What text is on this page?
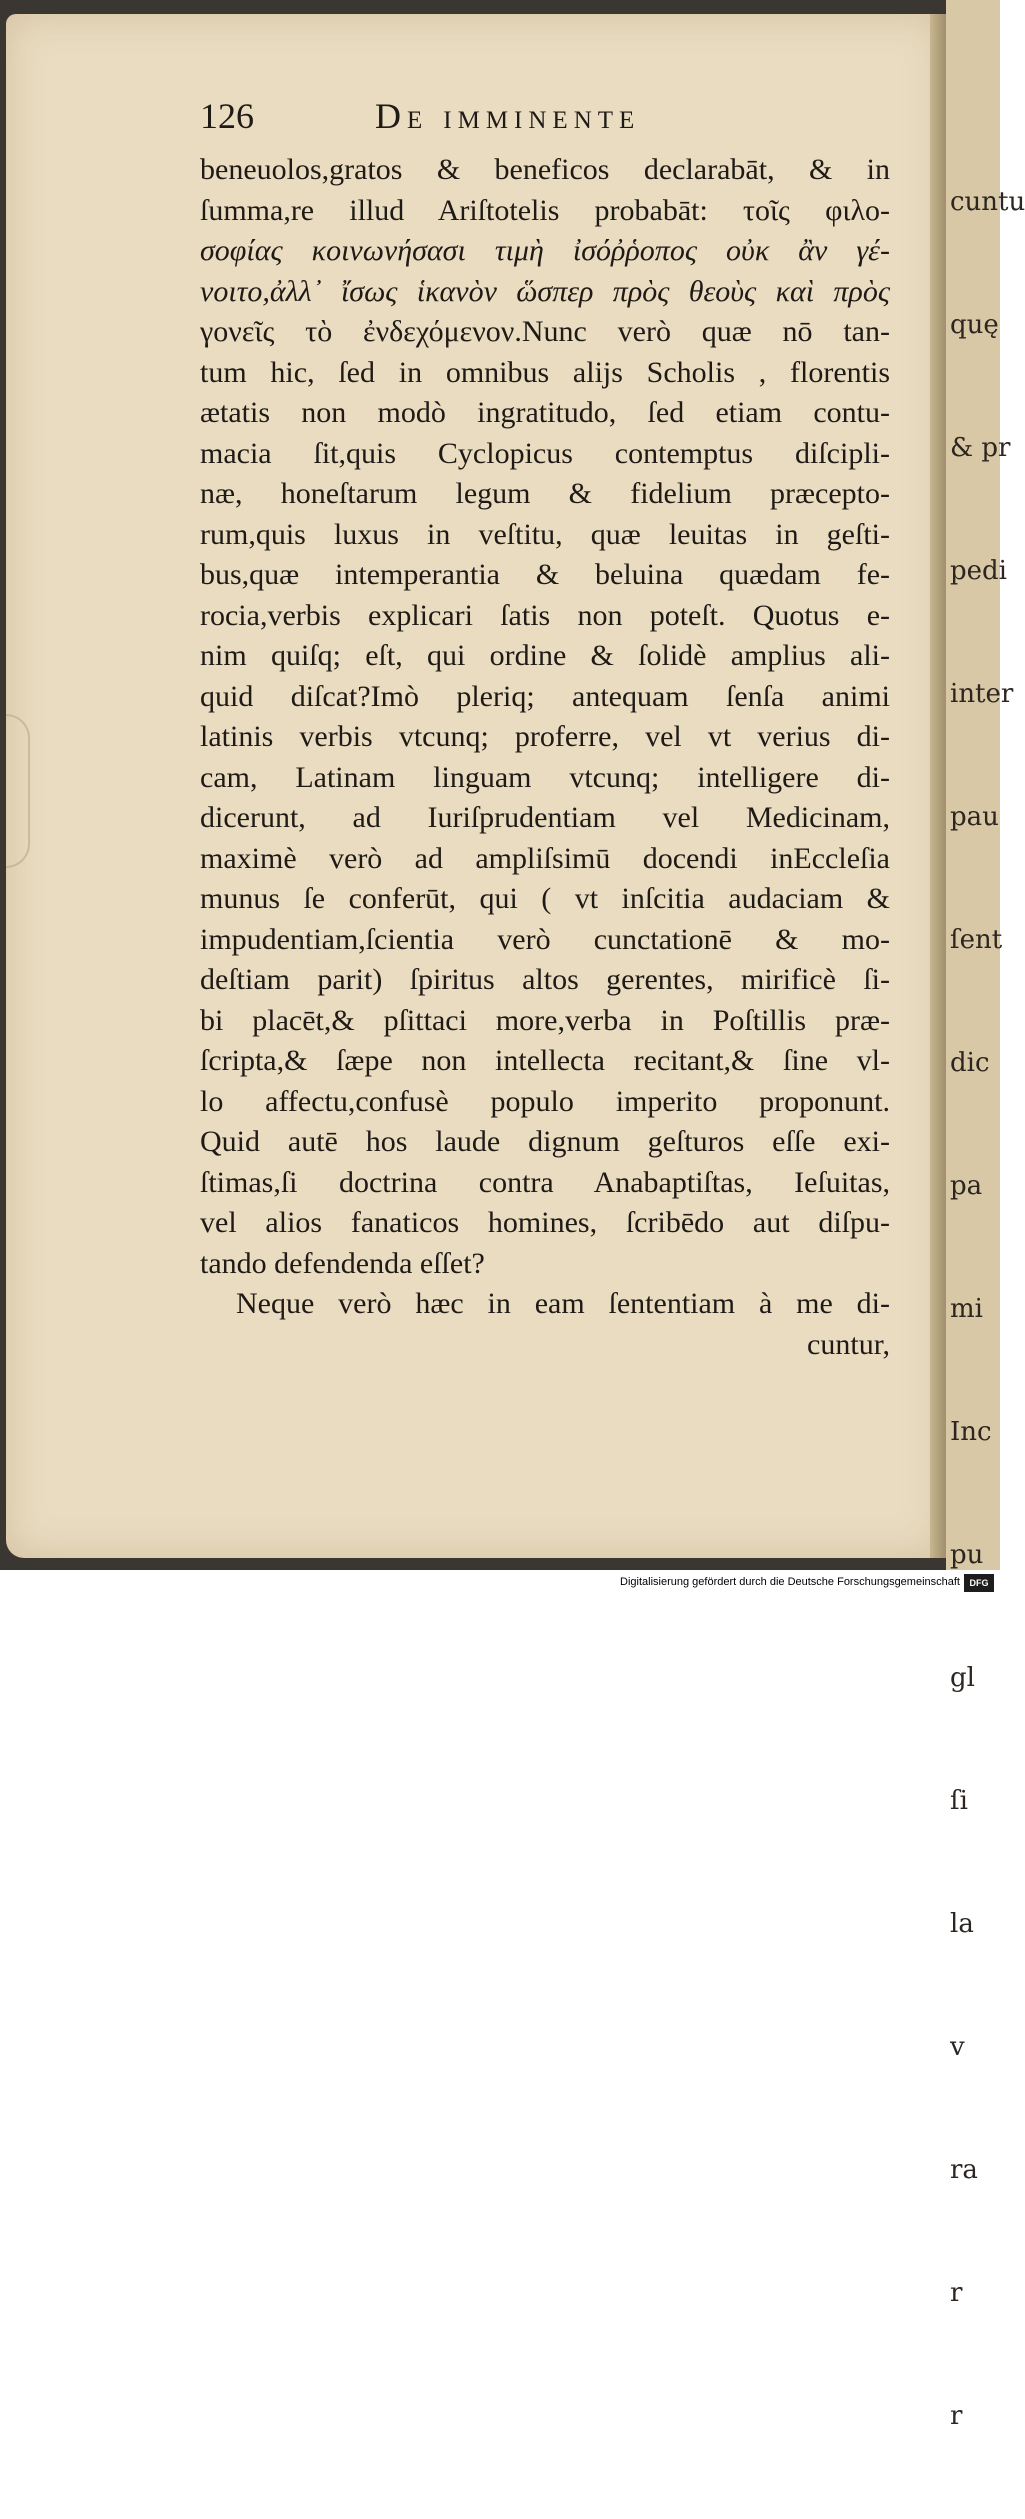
cuntu

quę

& pr

pedi

inter

pau

ſent

dic

pa

mi

Inc

pu

gl

ſi

la

v

ra

r

r

126	De imminente
beneuolos,gratos & beneficos declarabāt, & in
ſumma,re illud Ariſtotelis probabāt: τοῖς φιλο-
σοφίας κοινωνήσασι τιμὴ ἰσόῤῥοπος οὐκ ἂν γέ-
νοιτο,ἀλλ᾽ ἴσως ἱκανὸν ὥσπερ πρὸς θεοὺς καὶ πρὸς
γονεῖς τὸ ἐνδεχόμενον.Nunc verò quæ nō tan-
tum hic, ſed in omnibus alijs Scholis , florentis
ætatis non modò ingratitudo, ſed etiam contu-
macia ſit,quis Cyclopicus contemptus diſcipli-
næ, honeſtarum legum & fidelium præcepto-
rum,quis luxus in veſtitu, quæ leuitas in geſti-
bus,quæ intemperantia & beluina quædam fe-
rocia,verbis explicari ſatis non poteſt. Quotus e-
nim quiſq; eſt, qui ordine & ſolidè amplius ali-
quid diſcat?Imò pleriq; antequam ſenſa animi
latinis verbis vtcunq; proferre, vel vt verius di-
cam, Latinam linguam vtcunq; intelligere di-
dicerunt, ad Iuriſprudentiam vel Medicinam,
maximè verò ad ampliſsimū docendi inEccleſia
munus ſe conferūt, qui ( vt inſcitia audaciam &
impudentiam,ſcientia verò cunctationē & mo-
deſtiam parit) ſpiritus altos gerentes, mirificè ſi-
bi placēt,& pſittaci more,verba in Poſtillis præ-
ſcripta,& ſæpe non intellecta recitant,& ſine vl-
lo affectu,confusè populo imperito proponunt.
Quid autē hos laude dignum geſturos eſſe exi-
ſtimas,ſi doctrina contra Anabaptiſtas, Ieſuitas,
vel alios fanaticos homines, ſcribēdo aut diſpu-
tando defendenda eſſet?
Neque verò hæc in eam ſententiam à me di-
cuntur,
Digitalisierung gefördert durch die Deutsche Forschungsgemeinschaft	DFG
